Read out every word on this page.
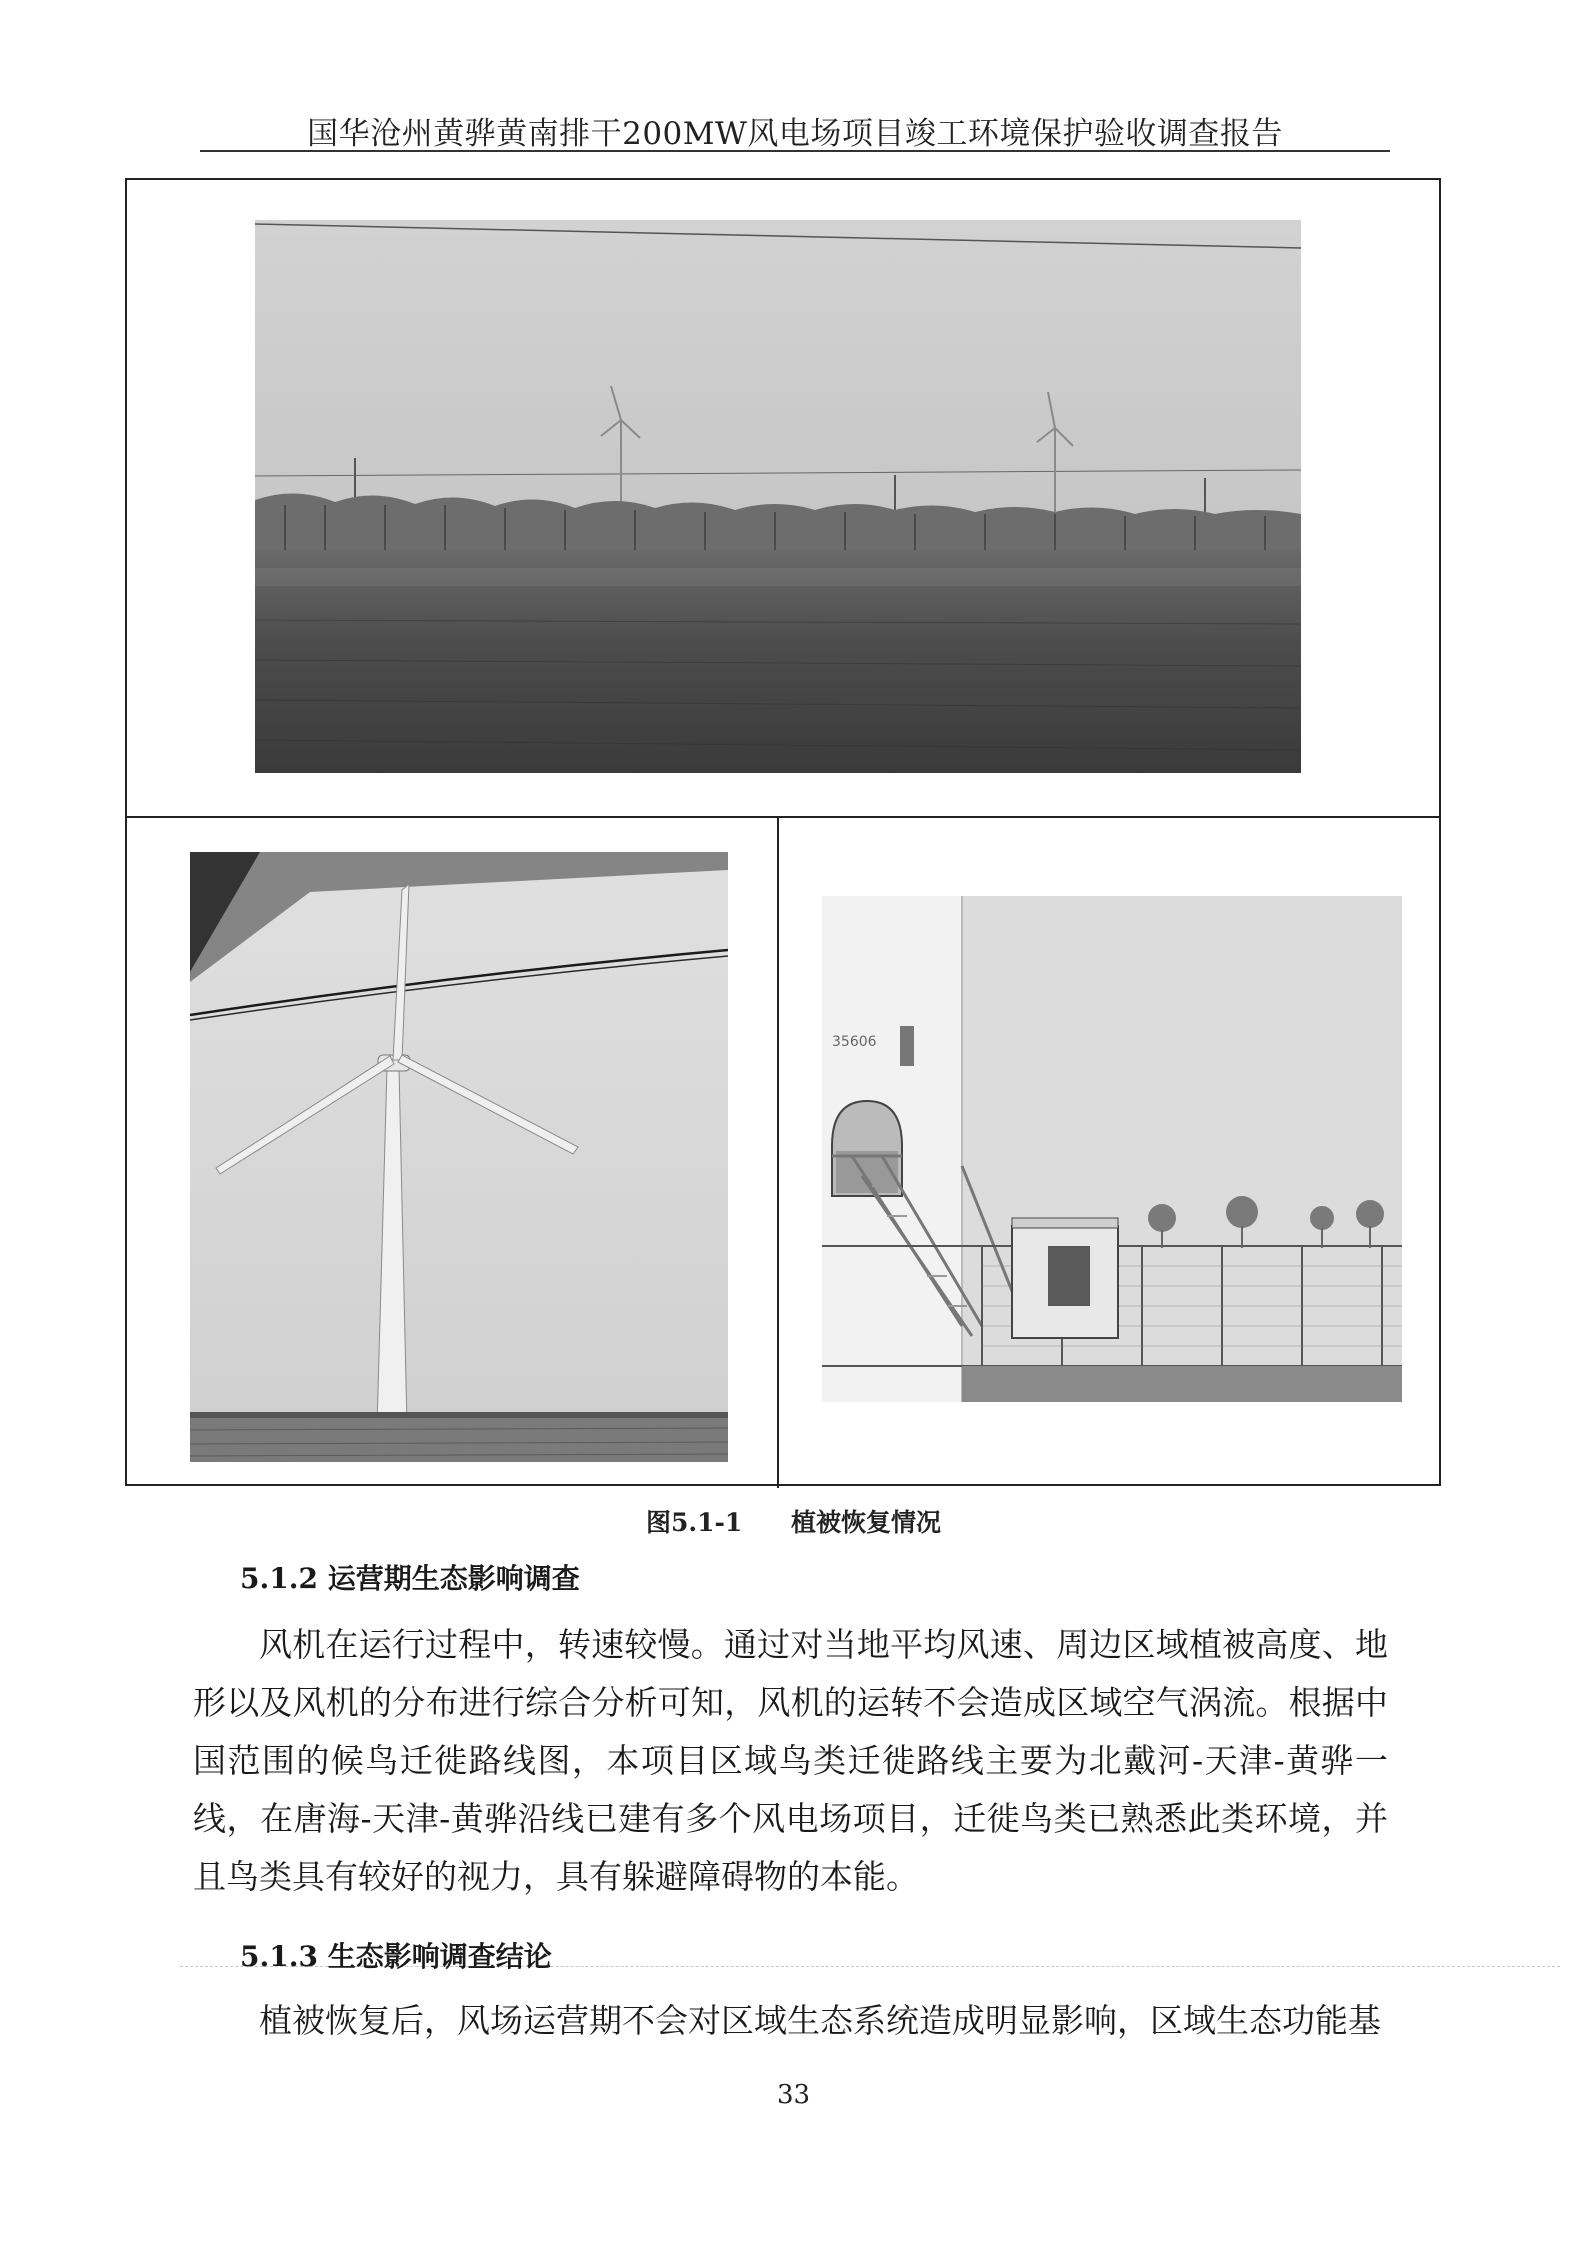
国华沧州黄骅黄南排干200MW风电场项目竣工环境保护验收调查报告
35606
图5.1-1 植被恢复情况
5.1.2 运营期生态影响调查
风机在运行过程中，转速较慢。通过对当地平均风速、周边区域植被高度、地形以及风机的分布进行综合分析可知，风机的运转不会造成区域空气涡流。根据中国范围的候鸟迁徙路线图，本项目区域鸟类迁徙路线主要为北戴河-天津-黄骅一线，在唐海-天津-黄骅沿线已建有多个风电场项目，迁徙鸟类已熟悉此类环境，并且鸟类具有较好的视力，具有躲避障碍物的本能。
5.1.3 生态影响调查结论
植被恢复后，风场运营期不会对区域生态系统造成明显影响，区域生态功能基
33
